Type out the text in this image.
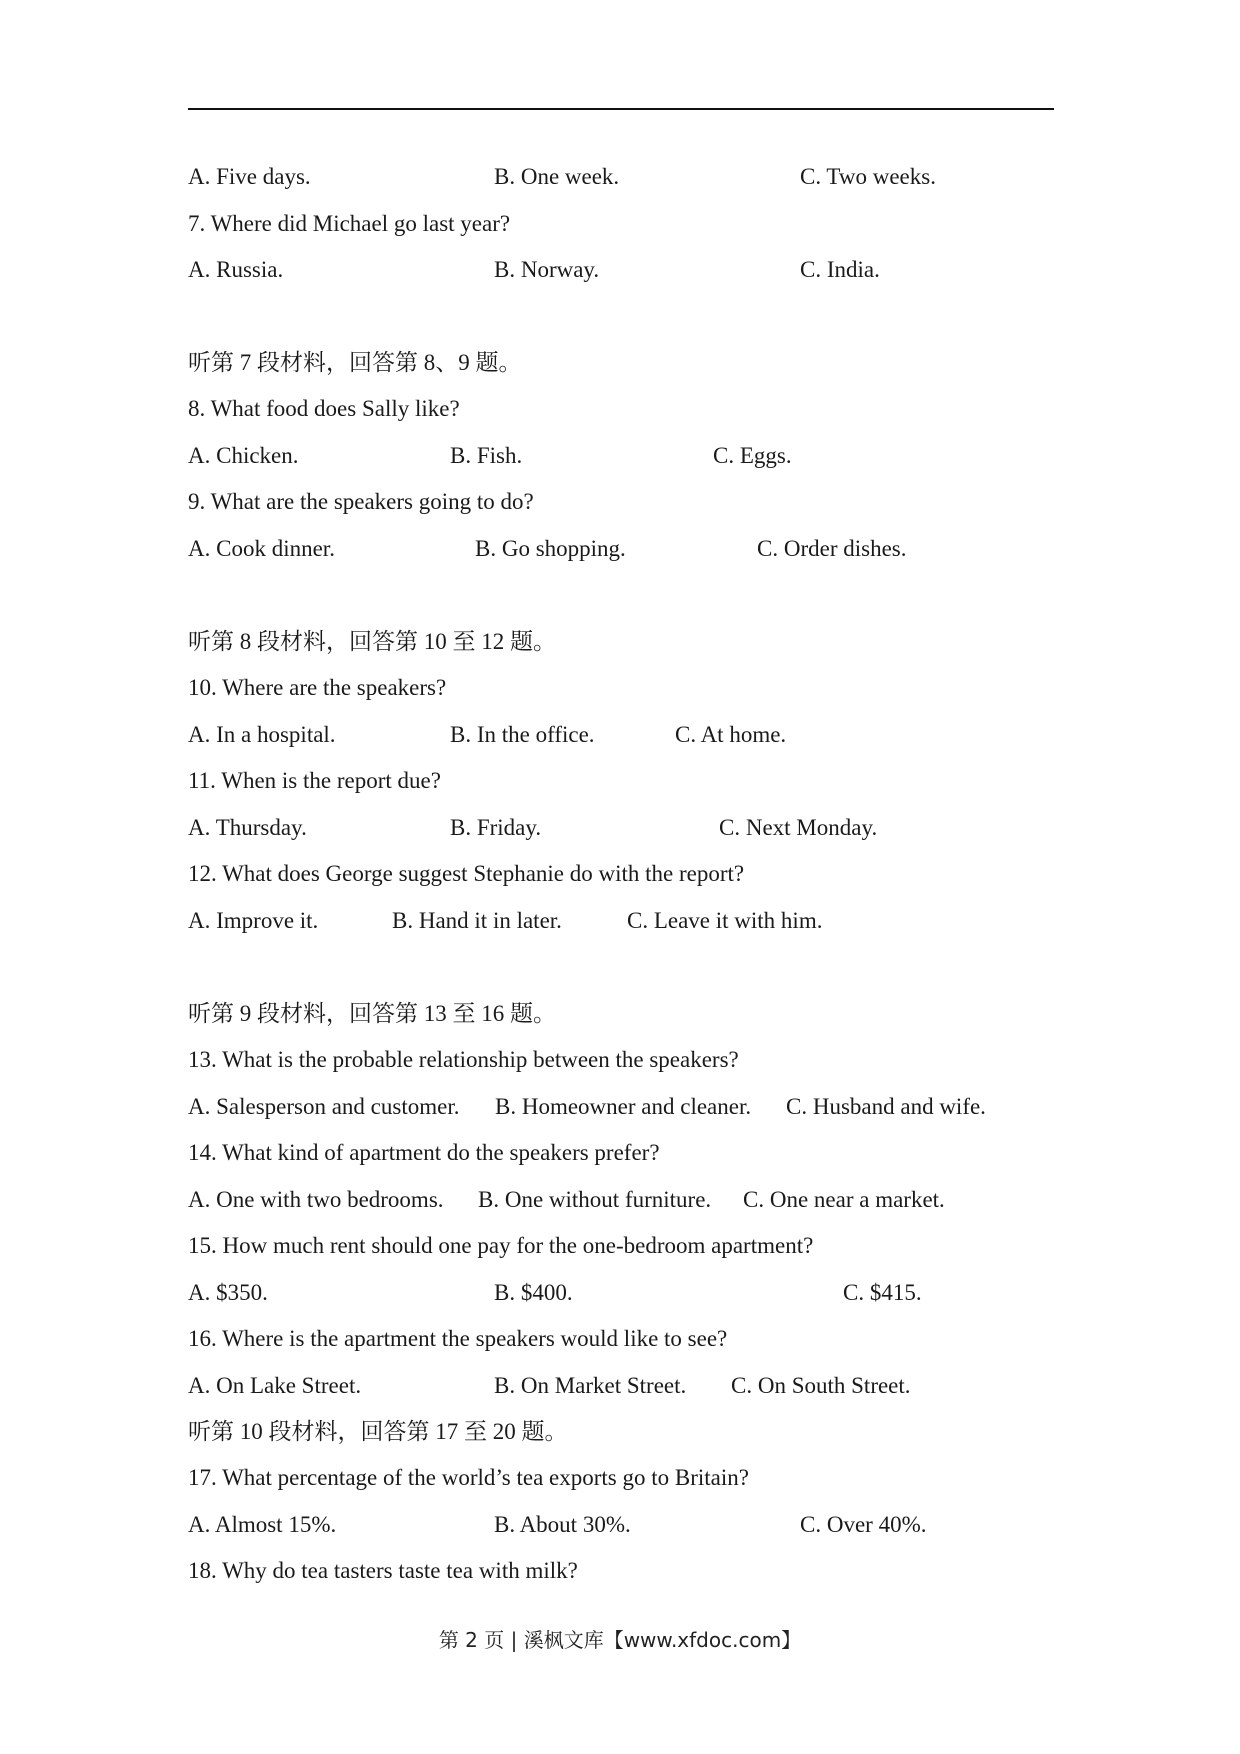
A. Five days.	B. One week.	C. Two weeks.
7. Where did Michael go last year?
A. Russia.	B. Norway.	C. India.
听第 7 段材料，回答第 8、9 题。
8. What food does Sally like?
A. Chicken.	B. Fish.	C. Eggs.
9. What are the speakers going to do?
A. Cook dinner.	B. Go shopping.	C. Order dishes.
听第 8 段材料，回答第 10 至 12 题。
10. Where are the speakers?
A. In a hospital.	B. In the office.	C. At home.
11. When is the report due?
A. Thursday.	B. Friday.	C. Next Monday.
12. What does George suggest Stephanie do with the report?
A. Improve it.	B. Hand it in later.	C. Leave it with him.
听第 9 段材料，回答第 13 至 16 题。
13. What is the probable relationship between the speakers?
A. Salesperson and customer. B. Homeowner and cleaner. C. Husband and wife.
14. What kind of apartment do the speakers prefer?
A. One with two bedrooms. B. One without furniture. C. One near a market.
15. How much rent should one pay for the one-bedroom apartment?
A. $350.	B. $400.	C. $415.
16. Where is the apartment the speakers would like to see?
A. On Lake Street.	B. On Market Street. C. On South Street.
听第 10 段材料，回答第 17 至 20 题。
17. What percentage of the world’s tea exports go to Britain?
A. Almost 15%.	B. About 30%.	C. Over 40%.
18. Why do tea tasters taste tea with milk?
第 2 页 | 溪枫文库【www.xfdoc.com】
